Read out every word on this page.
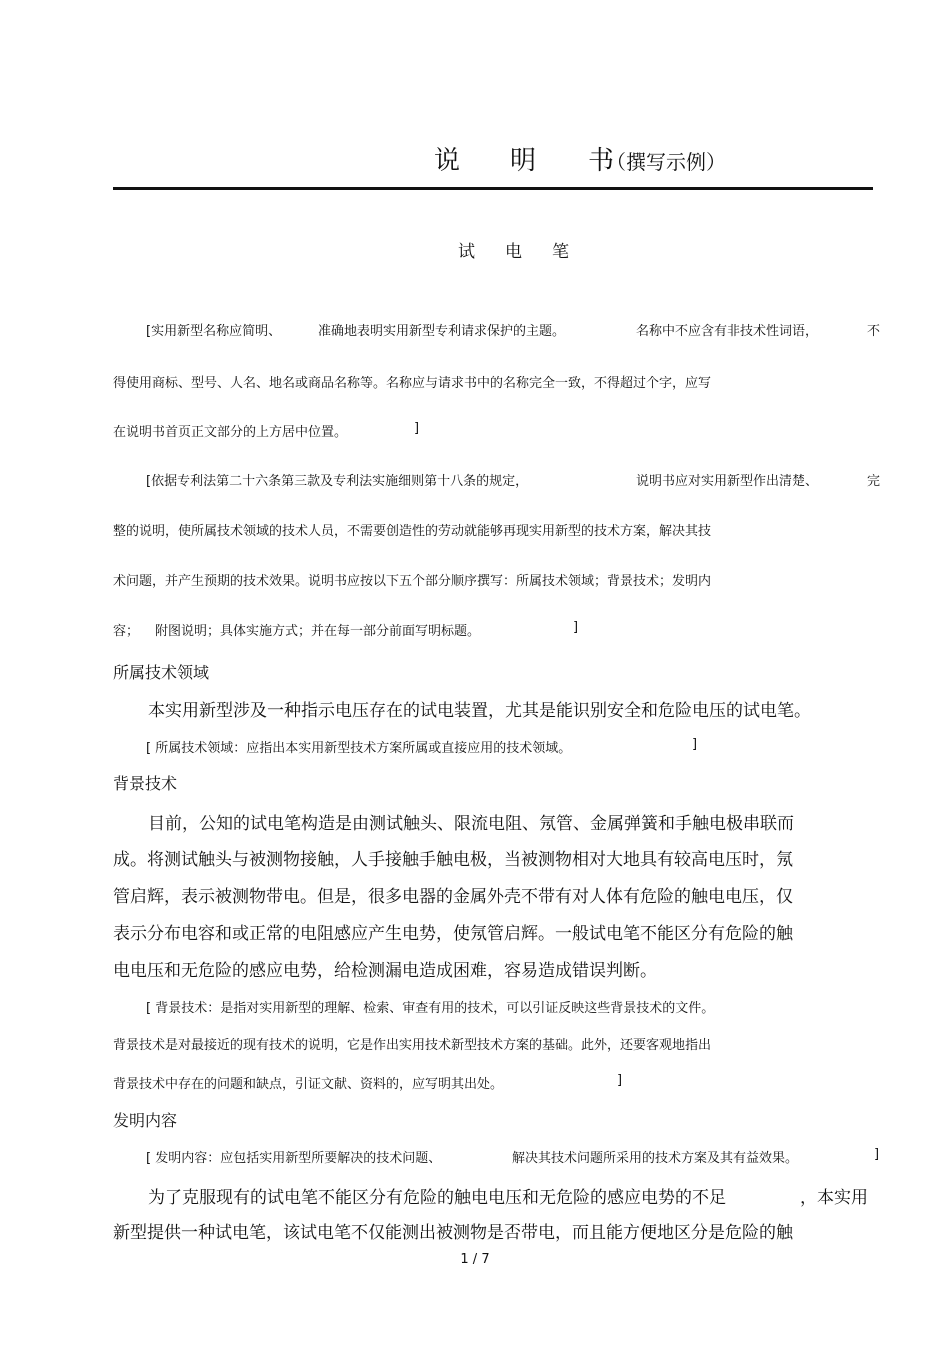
说 明 书
（撰写示例）
试 电 笔
[实用新型名称应简明、	准确地表明实用新型专利请求保护的主题。	名称中不应含有非技术性词语，	不
得使用商标、型号、人名、地名或商品名称等。名称应与请求书中的名称完全一致，不得超过个字，应写
在说明书首页正文部分的上方居中位置。	]
[依据专利法第二十六条第三款及专利法实施细则第十八条的规定，	说明书应对实用新型作出清楚、	完
整的说明，使所属技术领域的技术人员，不需要创造性的劳动就能够再现实用新型的技术方案，解决其技
术问题，并产生预期的技术效果。说明书应按以下五个部分顺序撰写：所属技术领域；背景技术；发明内
容； 附图说明；具体实施方式；并在每一部分前面写明标题。	]
所属技术领域
本实用新型涉及一种指示电压存在的试电装置，尤其是能识别安全和危险电压的试电笔。
[ 所属技术领域：应指出本实用新型技术方案所属或直接应用的技术领域。	]
背景技术
目前，公知的试电笔构造是由测试触头、限流电阻、氖管、金属弹簧和手触电极串联而
成。将测试触头与被测物接触，人手接触手触电极，当被测物相对大地具有较高电压时，氖
管启辉，表示被测物带电。但是，很多电器的金属外壳不带有对人体有危险的触电电压，仅
表示分布电容和或正常的电阻感应产生电势，使氖管启辉。一般试电笔不能区分有危险的触
电电压和无危险的感应电势，给检测漏电造成困难，容易造成错误判断。
[ 背景技术：是指对实用新型的理解、检索、审查有用的技术，可以引证反映这些背景技术的文件。
背景技术是对最接近的现有技术的说明，它是作出实用技术新型技术方案的基础。此外，还要客观地指出
背景技术中存在的问题和缺点，引证文献、资料的，应写明其出处。	]
发明内容
[ 发明内容：应包括实用新型所要解决的技术问题、	解决其技术问题所采用的技术方案及其有益效果。	]
为了克服现有的试电笔不能区分有危险的触电电压和无危险的感应电势的不足	，本实用
新型提供一种试电笔，该试电笔不仅能测出被测物是否带电，而且能方便地区分是危险的触
1 / 7
